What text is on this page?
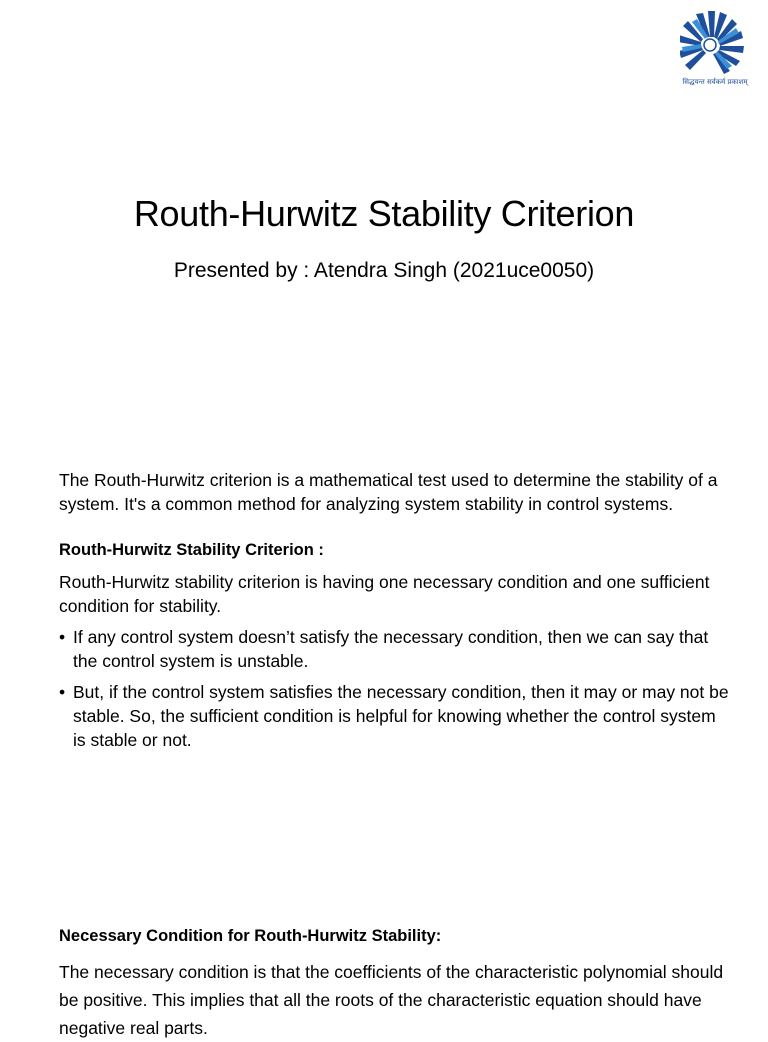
सिद्धयन्त सर्वकर्म प्रकाशम्
Routh-Hurwitz Stability Criterion
Presented by : Atendra Singh (2021uce0050)

The Routh-Hurwitz criterion is a mathematical test used to determine the stability of a system. It's a common method for analyzing system stability in control systems.

Routh-Hurwitz Stability Criterion :

Routh-Hurwitz stability criterion is having one necessary condition and one sufficient condition for stability.

• If any control system doesn’t satisfy the necessary condition, then we can say that the control system is unstable.
• But, if the control system satisfies the necessary condition, then it may or may not be stable. So, the sufficient condition is helpful for knowing whether the control system is stable or not.

Necessary Condition for Routh-Hurwitz Stability:

The necessary condition is that the coefficients of the characteristic polynomial should be positive. This implies that all the roots of the characteristic equation should have negative real parts.
